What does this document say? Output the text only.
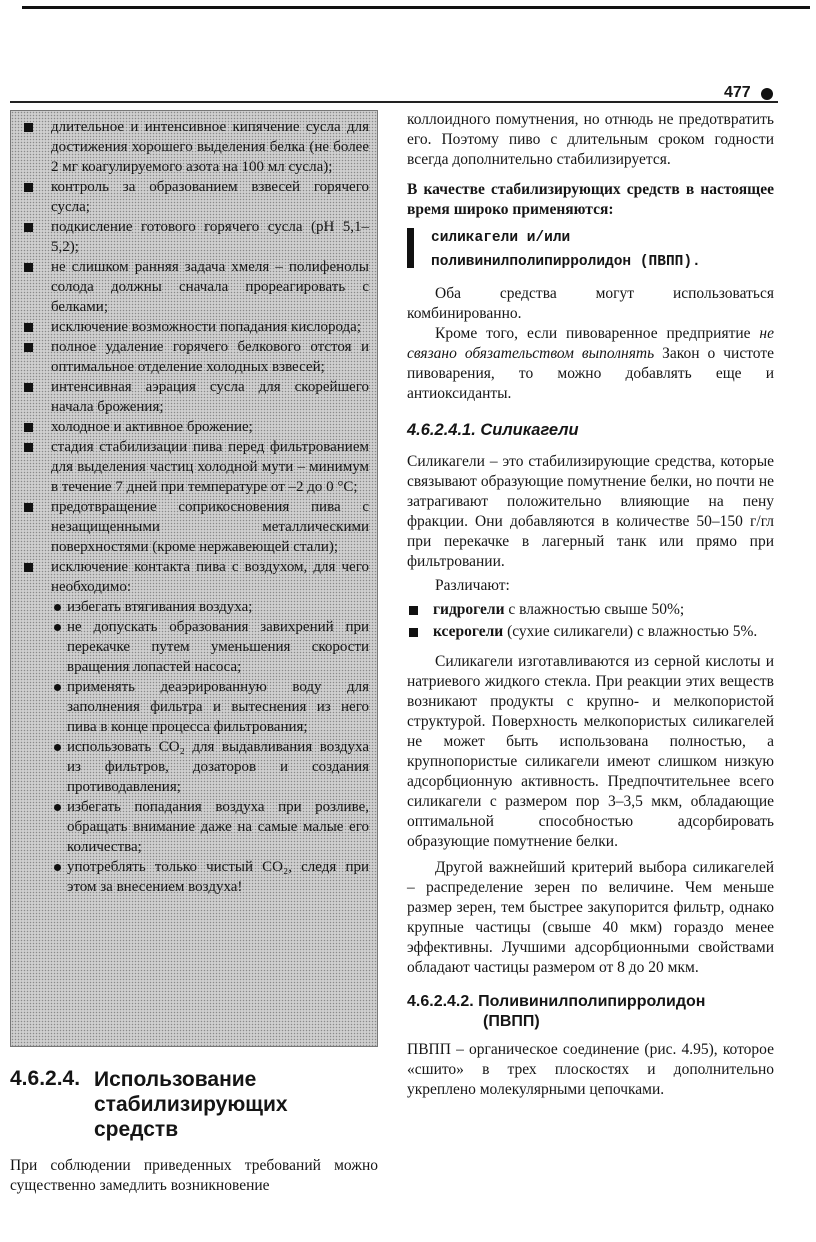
477
длительное и интенсивное кипячение сусла для достижения хорошего выделения белка (не более 2 мг коагулируемого азота на 100 мл сусла);
контроль за образованием взвесей горячего сусла;
подкисление готового горячего сусла (рН 5,1–5,2);
не слишком ранняя задача хмеля – полифенолы солода должны сначала прореагировать с белками;
исключение возможности попадания кислорода;
полное удаление горячего белкового отстоя и оптимальное отделение холодных взвесей;
интенсивная аэрация сусла для скорейшего начала брожения;
холодное и активное брожение;
стадия стабилизации пива перед фильтрованием для выделения частиц холодной мути – минимум в течение 7 дней при температуре от –2 до 0 °С;
предотвращение соприкосновения пива с незащищенными металлическими поверхностями (кроме нержавеющей стали);
исключение контакта пива с воздухом, для чего необходимо:
избегать втягивания воздуха;
не допускать образования завихрений при перекачке путем уменьшения скорости вращения лопастей насоса;
применять деаэрированную воду для заполнения фильтра и вытеснения из него пива в конце процесса фильтрования;
использовать CO₂ для выдавливания воздуха из фильтров, дозаторов и создания противодавления;
избегать попадания воздуха при розливе, обращать внимание даже на самые малые его количества;
употреблять только чистый CO₂, следя при этом за внесением воздуха!
4.6.2.4. Использование стабилизирующих средств
При соблюдении приведенных требований можно существенно замедлить возникновение

коллоидного помутнения, но отнюдь не предотвратить его. Поэтому пиво с длительным сроком годности всегда дополнительно стабилизируется.

В качестве стабилизирующих средств в настоящее время широко применяются:

силикагели и/или
поливинилполипирролидон (ПВПП).

Оба средства могут использоваться комбинированно.

Кроме того, если пивоваренное предприятие не связано обязательством выполнять Закон о чистоте пивоварения, то можно добавлять еще и антиоксиданты.

4.6.2.4.1. Силикагели

Силикагели – это стабилизирующие средства, которые связывают образующие помутнение белки, но почти не затрагивают положительно влияющие на пену фракции. Они добавляются в количестве 50–150 г/гл при перекачке в лагерный танк или прямо при фильтровании.

Различают:

гидрогели с влажностью свыше 50%;
ксерогели (сухие силикагели) с влажностью 5%.

Силикагели изготавливаются из серной кислоты и натриевого жидкого стекла. При реакции этих веществ возникают продукты с крупно- и мелкопористой структурой. Поверхность мелкопористых силикагелей не может быть использована полностью, а крупнопористые силикагели имеют слишком низкую адсорбционную активность. Предпочтительнее всего силикагели с размером пор 3–3,5 мкм, обладающие оптимальной способностью адсорбировать образующие помутнение белки.

Другой важнейший критерий выбора силикагелей – распределение зерен по величине. Чем меньше размер зерен, тем быстрее закупорится фильтр, однако крупные частицы (свыше 40 мкм) гораздо менее эффективны. Лучшими адсорбционными свойствами обладают частицы размером от 8 до 20 мкм.

4.6.2.4.2. Поливинилполипирролидон
(ПВПП)

ПВПП – органическое соединение (рис. 4.95), которое «сшито» в трех плоскостях и дополнительно укреплено молекулярными цепочками.
